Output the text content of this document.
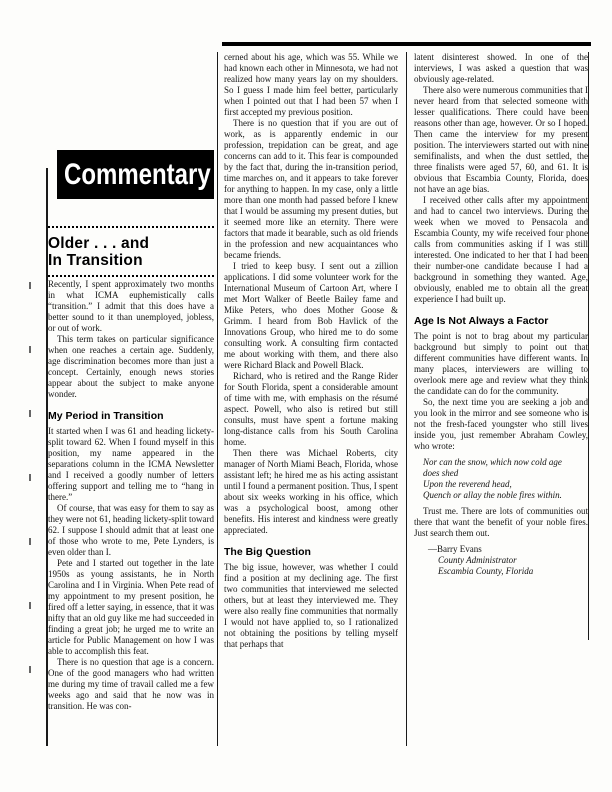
Commentary
Older . . . and
In Transition

Recently, I spent approximately two months in what ICMA euphemistically calls “transition.” I admit that this does have a better sound to it than unemployed, jobless, or out of work.

This term takes on particular significance when one reaches a certain age. Suddenly, age discrimination becomes more than just a concept. Certainly, enough news stories appear about the subject to make anyone wonder.

My Period in Transition

It started when I was 61 and heading lickety-split toward 62. When I found myself in this position, my name appeared in the separations column in the ICMA Newsletter and I received a goodly number of letters offering support and telling me to “hang in there.”

Of course, that was easy for them to say as they were not 61, heading lickety-split toward 62. I suppose I should admit that at least one of those who wrote to me, Pete Lynders, is even older than I.

Pete and I started out together in the late 1950s as young assistants, he in North Carolina and I in Virginia. When Pete read of my appointment to my present position, he fired off a letter saying, in essence, that it was nifty that an old guy like me had succeeded in finding a great job; he urged me to write an article for Public Management on how I was able to accomplish this feat.

There is no question that age is a concern. One of the good managers who had written me during my time of travail called me a few weeks ago and said that he now was in transition. He was con-

cerned about his age, which was 55. While we had known each other in Minnesota, we had not realized how many years lay on my shoulders. So I guess I made him feel better, particularly when I pointed out that I had been 57 when I first accepted my previous position.

There is no question that if you are out of work, as is apparently endemic in our profession, trepidation can be great, and age concerns can add to it. This fear is compounded by the fact that, during the in-transition period, time marches on, and it appears to take forever for anything to happen. In my case, only a little more than one month had passed before I knew that I would be assuming my present duties, but it seemed more like an eternity. There were factors that made it bearable, such as old friends in the profession and new acquaintances who became friends.

I tried to keep busy. I sent out a zillion applications. I did some volunteer work for the International Museum of Cartoon Art, where I met Mort Walker of Beetle Bailey fame and Mike Peters, who does Mother Goose & Grimm. I heard from Bob Havlick of the Innovations Group, who hired me to do some consulting work. A consulting firm contacted me about working with them, and there also were Richard Black and Powell Black.

Richard, who is retired and the Range Rider for South Florida, spent a considerable amount of time with me, with emphasis on the résumé aspect. Powell, who also is retired but still consults, must have spent a fortune making long-distance calls from his South Carolina home.

Then there was Michael Roberts, city manager of North Miami Beach, Florida, whose assistant left; he hired me as his acting assistant until I found a permanent position. Thus, I spent about six weeks working in his office, which was a psychological boost, among other benefits. His interest and kindness were greatly appreciated.

The Big Question

The big issue, however, was whether I could find a position at my declining age. The first two communities that interviewed me selected others, but at least they interviewed me. They were also really fine communities that normally I would not have applied to, so I rationalized not obtaining the positions by telling myself that perhaps that

latent disinterest showed. In one of the interviews, I was asked a question that was obviously age-related.

There also were numerous communities that I never heard from that selected someone with lesser qualifications. There could have been reasons other than age, however. Or so I hoped. Then came the interview for my present position. The interviewers started out with nine semifinalists, and when the dust settled, the three finalists were aged 57, 60, and 61. It is obvious that Escambia County, Florida, does not have an age bias.

I received other calls after my appointment and had to cancel two interviews. During the week when we moved to Pensacola and Escambia County, my wife received four phone calls from communities asking if I was still interested. One indicated to her that I had been their number-one candidate because I had a background in something they wanted. Age, obviously, enabled me to obtain all the great experience I had built up.

Age Is Not Always a Factor

The point is not to brag about my particular background but simply to point out that different communities have different wants. In many places, interviewers are willing to overlook mere age and review what they think the candidate can do for the community.

So, the next time you are seeking a job and you look in the mirror and see someone who is not the fresh-faced youngster who still lives inside you, just remember Abraham Cowley, who wrote:

Nor can the snow, which now cold age
does shed
Upon the reverend head,
Quench or allay the noble fires within.

Trust me. There are lots of communities out there that want the benefit of your noble fires. Just search them out.

—Barry Evans
County Administrator
Escambia County, Florida
